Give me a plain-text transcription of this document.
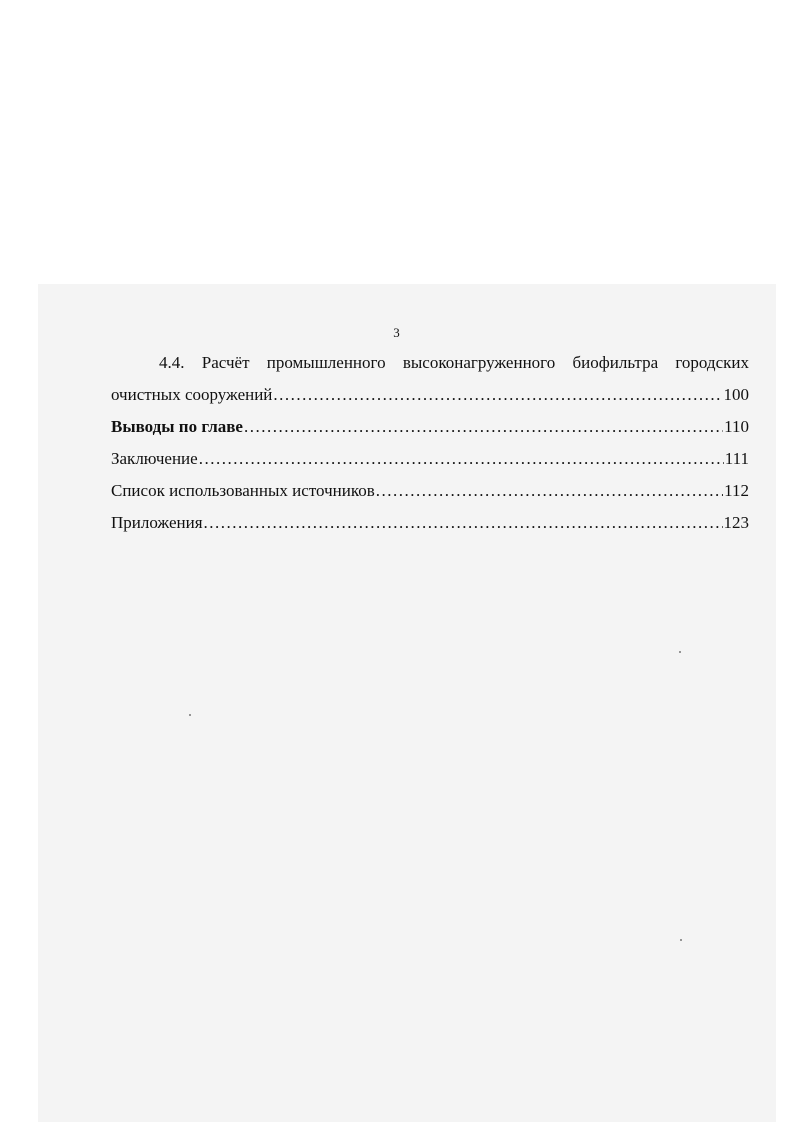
3
4.4. Расчёт промышленного высоконагруженного биофильтра городских
очистных сооружений .....	100
Выводы по главе .....	110
Заключение .....	111
Список использованных источников .....	112
Приложения .....	123
